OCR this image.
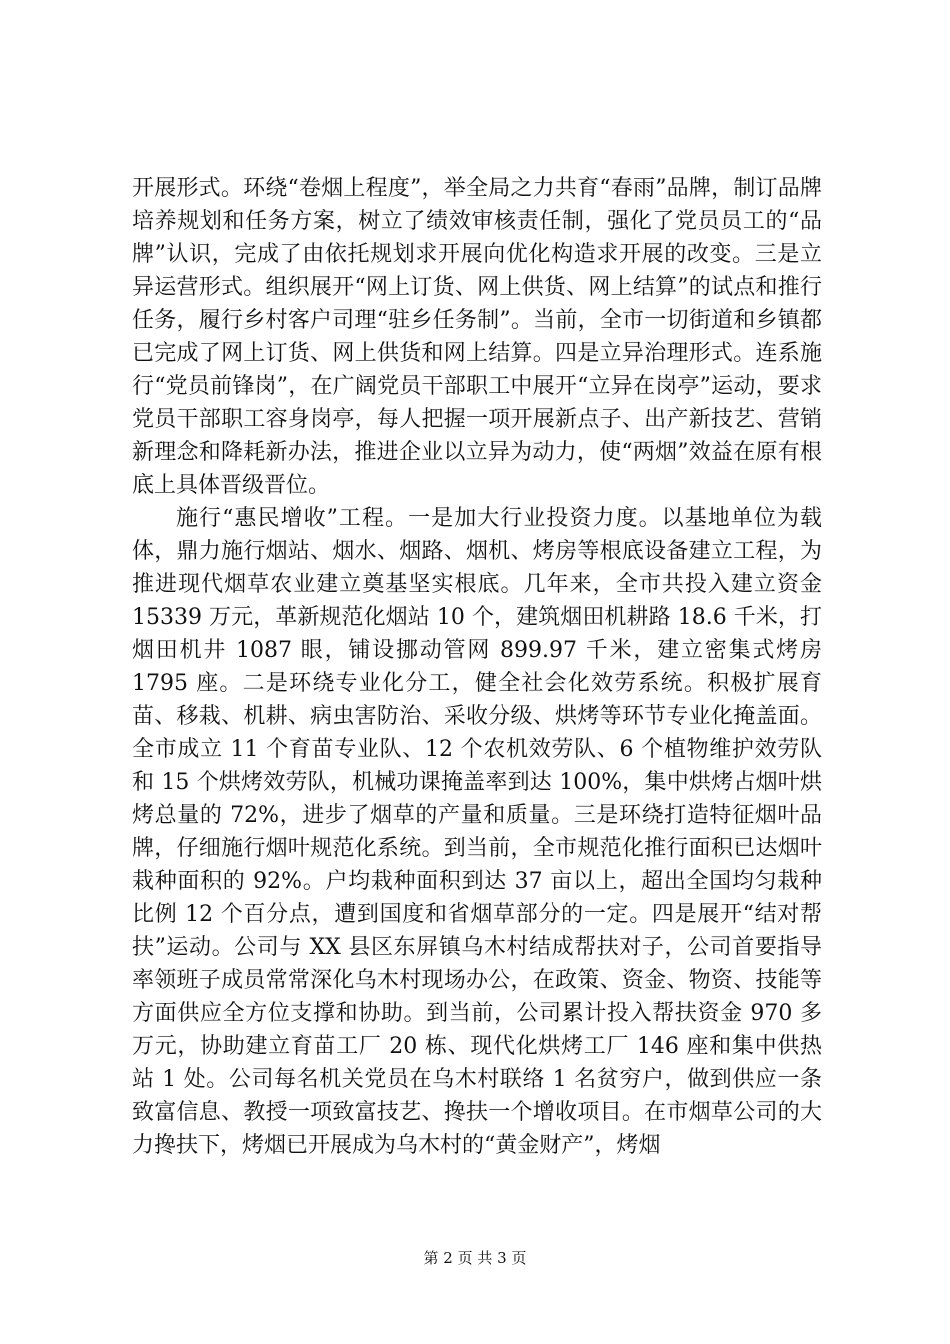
开展形式。环绕“卷烟上程度”，举全局之力共育“春雨”品牌，制订品牌培养规划和任务方案，树立了绩效审核责任制，强化了党员员工的“品牌”认识，完成了由依托规划求开展向优化构造求开展的改变。三是立异运营形式。组织展开“网上订货、网上供货、网上结算”的试点和推行任务，履行乡村客户司理“驻乡任务制”。当前，全市一切街道和乡镇都已完成了网上订货、网上供货和网上结算。四是立异治理形式。连系施行“党员前锋岗”，在广阔党员干部职工中展开“立异在岗亭”运动，要求党员干部职工容身岗亭，每人把握一项开展新点子、出产新技艺、营销新理念和降耗新办法，推进企业以立异为动力，使“两烟”效益在原有根底上具体晋级晋位。

施行“惠民增收”工程。一是加大行业投资力度。以基地单位为载体，鼎力施行烟站、烟水、烟路、烟机、烤房等根底设备建立工程，为推进现代烟草农业建立奠基坚实根底。几年来，全市共投入建立资金 15339 万元，革新规范化烟站 10 个，建筑烟田机耕路 18.6 千米，打烟田机井 1087 眼，铺设挪动管网 899.97 千米，建立密集式烤房 1795 座。二是环绕专业化分工，健全社会化效劳系统。积极扩展育苗、移栽、机耕、病虫害防治、采收分级、烘烤等环节专业化掩盖面。全市成立 11 个育苗专业队、12 个农机效劳队、6 个植物维护效劳队和 15 个烘烤效劳队，机械功课掩盖率到达 100%，集中烘烤占烟叶烘烤总量的 72%，进步了烟草的产量和质量。三是环绕打造特征烟叶品牌，仔细施行烟叶规范化系统。到当前，全市规范化推行面积已达烟叶栽种面积的 92%。户均栽种面积到达 37 亩以上，超出全国均匀栽种比例 12 个百分点，遭到国度和省烟草部分的一定。四是展开“结对帮扶”运动。公司与 XX 县区东屏镇乌木村结成帮扶对子，公司首要指导率领班子成员常常深化乌木村现场办公，在政策、资金、物资、技能等方面供应全方位支撑和协助。到当前，公司累计投入帮扶资金 970 多万元，协助建立育苗工厂 20 栋、现代化烘烤工厂 146 座和集中供热站 1 处。公司每名机关党员在乌木村联络 1 名贫穷户，做到供应一条致富信息、教授一项致富技艺、搀扶一个增收项目。在市烟草公司的大力搀扶下，烤烟已开展成为乌木村的“黄金财产”，烤烟

第 2 页 共 3 页
